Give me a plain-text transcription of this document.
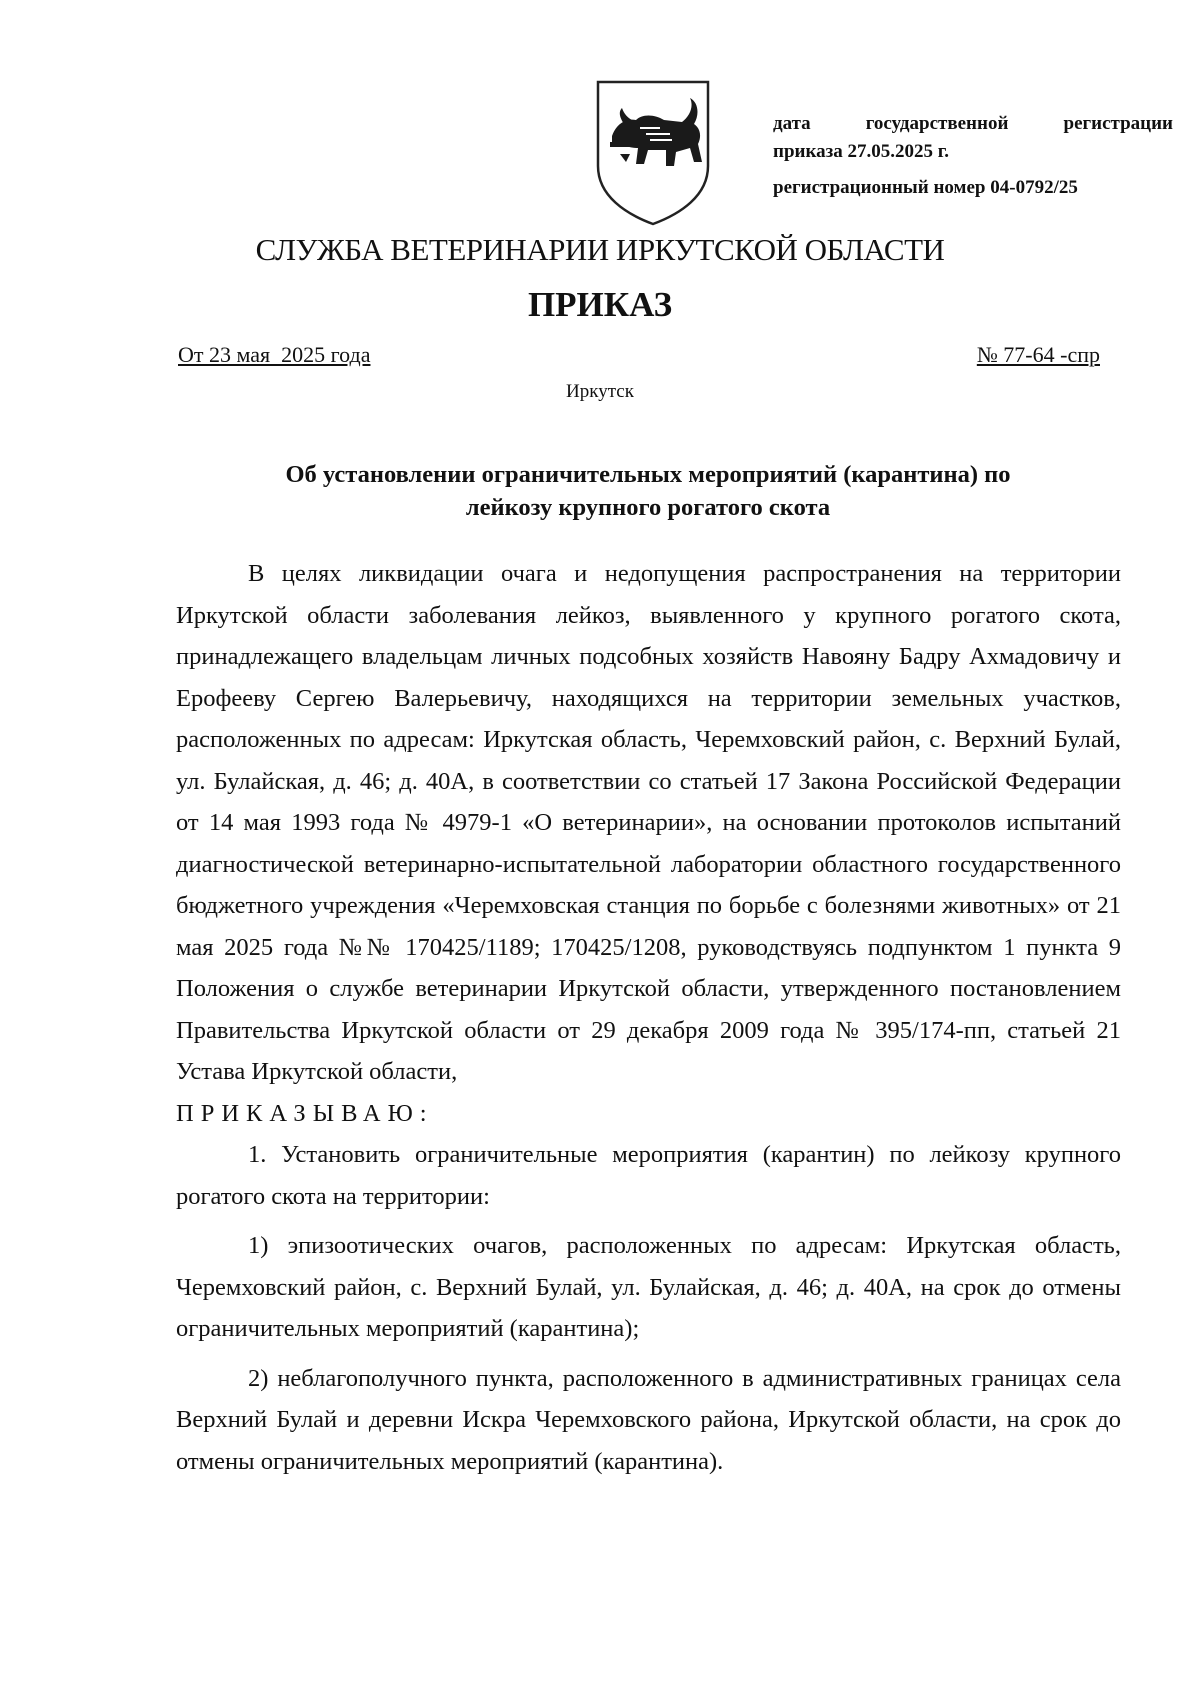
дата	государственной	регистрации
приказа 27.05.2025 г.
регистрационный номер 04-0792/25
СЛУЖБА ВЕТЕРИНАРИИ ИРКУТСКОЙ ОБЛАСТИ
ПРИКАЗ
От 23 мая  2025 года	№ 77-64 -спр
Иркутск
Об установлении ограничительных мероприятий (карантина) по
лейкозу крупного рогатого скота

В целях ликвидации очага и недопущения распространения на территории Иркутской области заболевания лейкоз, выявленного у крупного рогатого скота, принадлежащего владельцам личных подсобных хозяйств Навояну Бадру Ахмадовичу и Ерофееву Сергею Валерьевичу, находящихся на территории земельных участков, расположенных по адресам: Иркутская область, Черемховский район, с. Верхний Булай, ул. Булайская, д. 46; д. 40А, в соответствии со статьей 17 Закона Российской Федерации от 14 мая 1993 года № 4979-1 «О ветеринарии», на основании протоколов испытаний диагностической ветеринарно-испытательной лаборатории областного государственного бюджетного учреждения «Черемховская станция по борьбе с болезнями животных» от 21 мая 2025 года №№ 170425/1189; 170425/1208, руководствуясь подпунктом 1 пункта 9 Положения о службе ветеринарии Иркутской области, утвержденного постановлением Правительства Иркутской области от 29 декабря 2009 года № 395/174-пп, статьей 21 Устава Иркутской области,

ПРИКАЗЫВАЮ:

1. Установить ограничительные мероприятия (карантин) по лейкозу крупного рогатого скота на территории:

1) эпизоотических очагов, расположенных по адресам: Иркутская область, Черемховский район, с. Верхний Булай, ул. Булайская, д. 46; д. 40А, на срок до отмены ограничительных мероприятий (карантина);

2) неблагополучного пункта, расположенного в административных границах села Верхний Булай и деревни Искра Черемховского района, Иркутской области, на срок до отмены ограничительных мероприятий (карантина).
